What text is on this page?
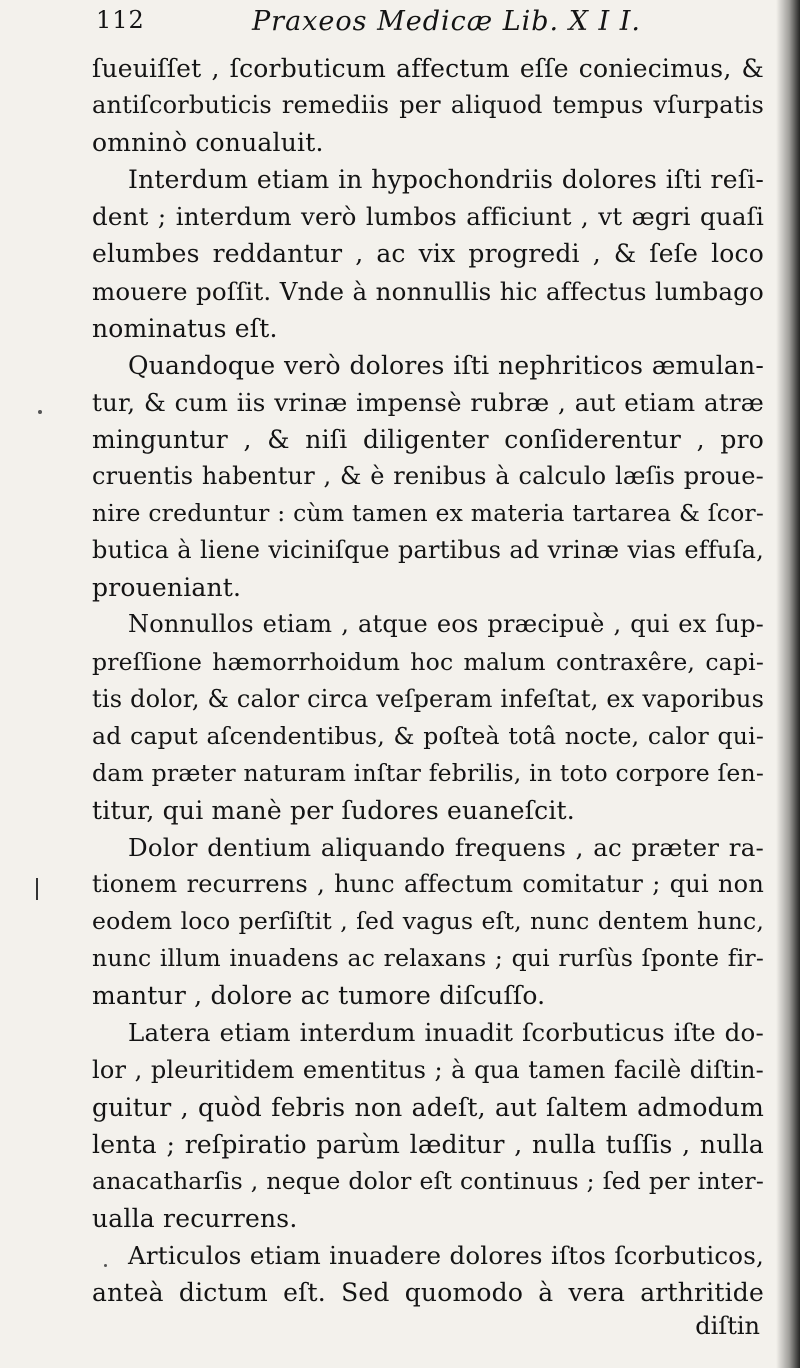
112	Praxeos Medicæ Lib. X I I.
ſueuiſſet , ſcorbuticum affectum eſſe coniecimus, &
antiſcorbuticis remediis per aliquod tempus vſurpatis
omninò conualuit.
Interdum etiam in hypochondriis dolores iſti reſi-
dent ; interdum verò lumbos afficiunt , vt ægri quaſi
elumbes reddantur , ac vix progredi , & ſeſe loco
mouere poſſit. Vnde à nonnullis hic affectus lumbago
nominatus eſt.
Quandoque verò dolores iſti nephriticos æmulan-
tur, & cum iis vrinæ impensè rubræ , aut etiam atræ
minguntur , & niſi diligenter conſiderentur , pro
cruentis habentur , & è renibus à calculo læſis proue-
nire creduntur : cùm tamen ex materia tartarea & ſcor-
butica à liene viciniſque partibus ad vrinæ vias effuſa,
proueniant.
Nonnullos etiam , atque eos præcipuè , qui ex ſup-
preſſione hæmorrhoidum hoc malum contraxêre, capi-
tis dolor, & calor circa veſperam infeſtat, ex vaporibus
ad caput aſcendentibus, & poſteà totâ nocte, calor qui-
dam præter naturam inſtar febrilis, in toto corpore ſen-
titur, qui manè per ſudores euaneſcit.
Dolor dentium aliquando frequens , ac præter ra-
tionem recurrens , hunc affectum comitatur ; qui non
eodem loco perſiſtit , ſed vagus eſt, nunc dentem hunc,
nunc illum inuadens ac relaxans ; qui rurſùs ſponte fir-
mantur , dolore ac tumore diſcuſſo.
Latera etiam interdum inuadit ſcorbuticus iſte do-
lor , pleuritidem ementitus ; à qua tamen facilè diſtin-
guitur , quòd febris non adeſt, aut ſaltem admodum
lenta ; reſpiratio parùm læditur , nulla tuſſis , nulla
anacatharſis , neque dolor eſt continuus ; ſed per inter-
ualla recurrens.
Articulos etiam inuadere dolores iſtos ſcorbuticos,
anteà dictum eſt. Sed quomodo à vera arthritide
diſtin
